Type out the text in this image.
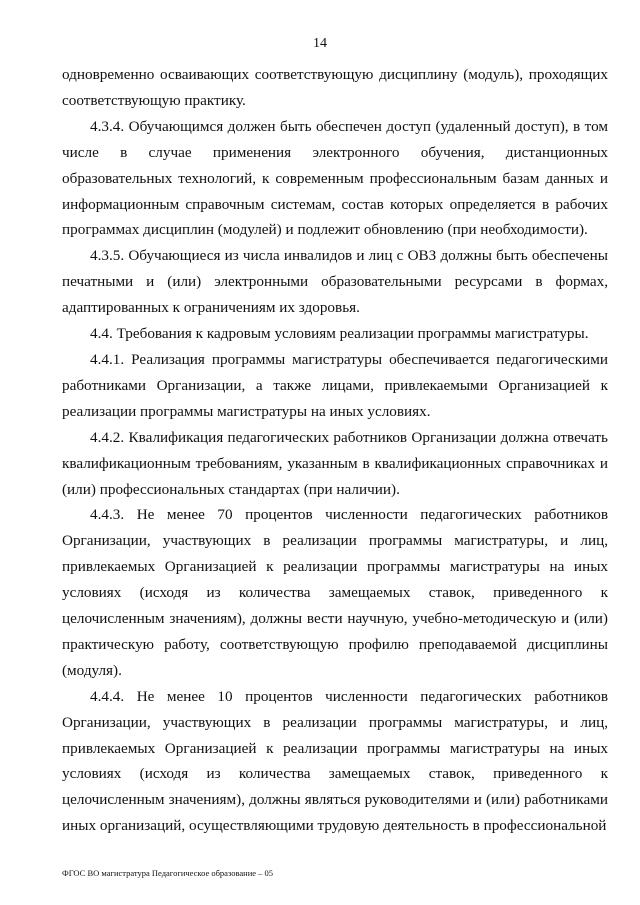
14

одновременно осваивающих соответствующую дисциплину (модуль), проходящих соответствующую практику.

4.3.4. Обучающимся должен быть обеспечен доступ (удаленный доступ), в том числе в случае применения электронного обучения, дистанционных образовательных технологий, к современным профессиональным базам данных и информационным справочным системам, состав которых определяется в рабочих программах дисциплин (модулей) и подлежит обновлению (при необходимости).

4.3.5. Обучающиеся из числа инвалидов и лиц с ОВЗ должны быть обеспечены печатными и (или) электронными образовательными ресурсами в формах, адаптированных к ограничениям их здоровья.

4.4. Требования к кадровым условиям реализации программы магистратуры.

4.4.1. Реализация программы магистратуры обеспечивается педагогическими работниками Организации, а также лицами, привлекаемыми Организацией к реализации программы магистратуры на иных условиях.

4.4.2. Квалификация педагогических работников Организации должна отвечать квалификационным требованиям, указанным в квалификационных справочниках и (или) профессиональных стандартах (при наличии).

4.4.3. Не менее 70 процентов численности педагогических работников Организации, участвующих в реализации программы магистратуры, и лиц, привлекаемых Организацией к реализации программы магистратуры на иных условиях (исходя из количества замещаемых ставок, приведенного к целочисленным значениям), должны вести научную, учебно-методическую и (или) практическую работу, соответствующую профилю преподаваемой дисциплины (модуля).

4.4.4. Не менее 10 процентов численности педагогических работников Организации, участвующих в реализации программы магистратуры, и лиц, привлекаемых Организацией к реализации программы магистратуры на иных условиях (исходя из количества замещаемых ставок, приведенного к целочисленным значениям), должны являться руководителями и (или) работниками иных организаций, осуществляющими трудовую деятельность в профессиональной

ФГОС ВО магистратура Педагогическое образование – 05
